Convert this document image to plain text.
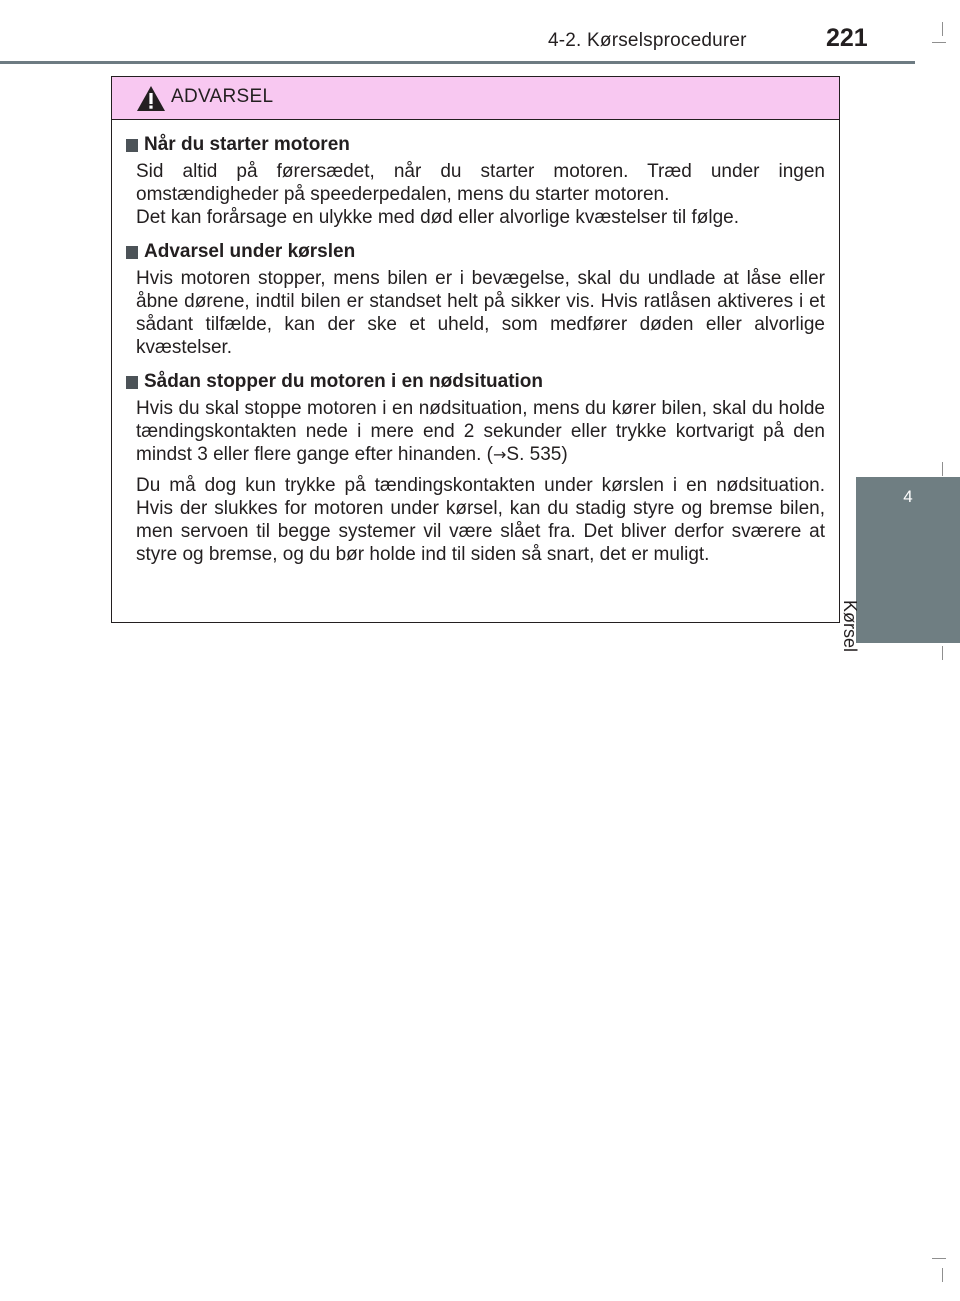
4-2. Kørselsprocedurer	221
4
Kørsel
ADVARSEL
Når du starter motoren

Sid altid på førersædet, når du starter motoren. Træd under ingen omstændigheder på speederpedalen, mens du starter motoren.

Det kan forårsage en ulykke med død eller alvorlige kvæstelser til følge.

Advarsel under kørslen

Hvis motoren stopper, mens bilen er i bevægelse, skal du undlade at låse eller åbne dørene, indtil bilen er standset helt på sikker vis. Hvis ratlåsen aktiveres i et sådant tilfælde, kan der ske et uheld, som medfører døden eller alvorlige kvæstelser.

Sådan stopper du motoren i en nødsituation

Hvis du skal stoppe motoren i en nødsituation, mens du kører bilen, skal du holde tændingskontakten nede i mere end 2 sekunder eller trykke kortvarigt på den mindst 3 eller flere gange efter hinanden. (→S. 535)

Du må dog kun trykke på tændingskontakten under kørslen i en nødsituation. Hvis der slukkes for motoren under kørsel, kan du stadig styre og bremse bilen, men servoen til begge systemer vil være slået fra. Det bliver derfor sværere at styre og bremse, og du bør holde ind til siden så snart, det er muligt.
